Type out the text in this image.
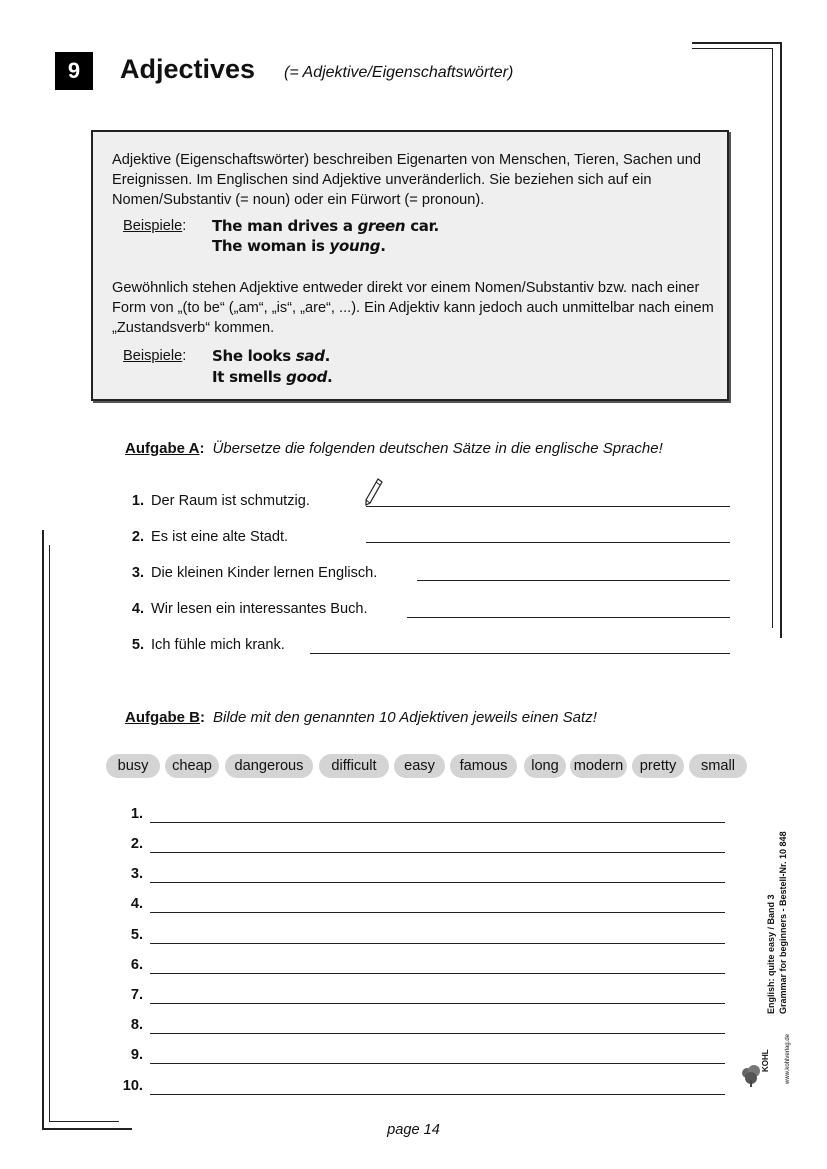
9	Adjectives (= Adjektive/Eigenschaftswörter)
Adjektive (Eigenschaftswörter) beschreiben Eigenarten von Menschen, Tieren, Sachen und Ereignissen. Im Englischen sind Adjektive unveränderlich. Sie beziehen sich auf ein Nomen/Substantiv (= noun) oder ein Fürwort (= pronoun).
Beispiele: The man drives a green car.
The woman is young.
Gewöhnlich stehen Adjektive entweder direkt vor einem Nomen/Substantiv bzw. nach einer Form von „(to be“ („am“, „is“, „are“, ...). Ein Adjektiv kann jedoch auch unmittelbar nach einem „Zustandsverb“ kommen.
Beispiele: She looks sad.
It smells good.
Aufgabe A: Übersetze die folgenden deutschen Sätze in die englische Sprache!
1. Der Raum ist schmutzig.
2. Es ist eine alte Stadt.
3. Die kleinen Kinder lernen Englisch.
4. Wir lesen ein interessantes Buch.
5. Ich fühle mich krank.
Aufgabe B: Bilde mit den genannten 10 Adjektiven jeweils einen Satz!
busy	cheap	dangerous	difficult	easy	famous	long	modern	pretty	small
1.
2.
3.
4.
5.
6.
7.
8.
9.
10.
English: quite easy / Band 3 Grammar for beginners - Bestell-Nr. 10 848
KOHL	www.kohlverlag.de
page 14
